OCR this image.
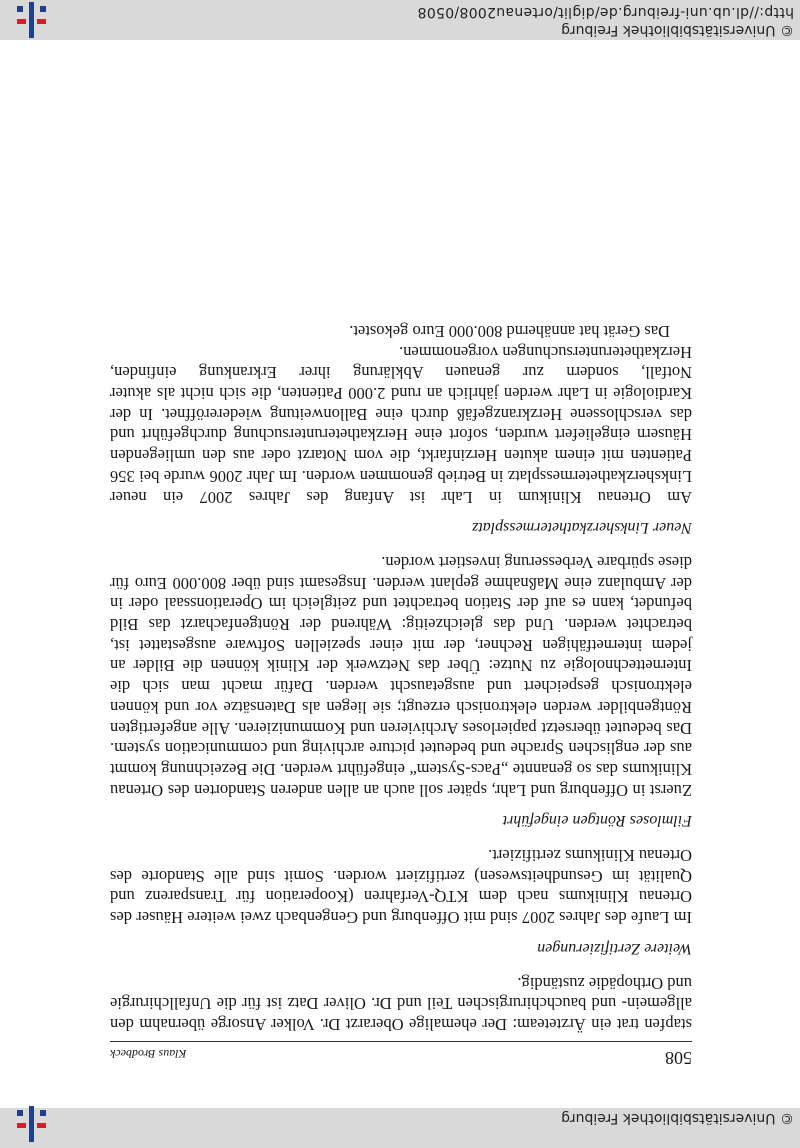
© Universitätsbibliothek Freiburg
508
Klaus Brodbeck

stapfen trat ein Ärzteteam: Der ehemalige Oberarzt Dr. Volker Ansorge übernahm den allgemein- und bauchchirurgischen Teil und Dr. Oliver Datz ist für die Unfallchirurgie und Orthopädie zuständig.

Weitere Zertifizierungen

Im Laufe des Jahres 2007 sind mit Offenburg und Gengenbach zwei weitere Häuser des Ortenau Klinikums nach dem KTQ-Verfahren (Kooperation für Transparenz und Qualität im Gesundheitswesen) zertifiziert worden. Somit sind alle Standorte des Ortenau Klinikums zertifiziert.

Filmloses Röntgen eingeführt

Zuerst in Offenburg und Lahr, später soll auch an allen anderen Standorten des Ortenau Klinikums das so genannte „Pacs-System“ eingeführt werden. Die Bezeichnung kommt aus der englischen Sprache und bedeutet picture archiving und communication system. Das bedeutet übersetzt papierloses Archivieren und Kommunizieren. Alle angefertigten Röntgenbilder werden elektronisch erzeugt; sie liegen als Datensätze vor und können elektronisch gespeichert und ausgetauscht werden. Dafür macht man sich die Internettechnologie zu Nutze: Über das Netzwerk der Klinik können die Bilder an jedem internetfähigen Rechner, der mit einer speziellen Software ausgestattet ist, betrachtet werden. Und das gleichzeitig: Während der Röntgenfacharzt das Bild befundet, kann es auf der Station betrachtet und zeitgleich im Operationssaal oder in der Ambulanz eine Maßnahme geplant werden. Insgesamt sind über 800.000 Euro für diese spürbare Verbesserung investiert worden.

Neuer Linksherzkathetermessplatz

Am Ortenau Klinikum in Lahr ist Anfang des Jahres 2007 ein neuer Linksherzkathetermessplatz in Betrieb genommen worden. Im Jahr 2006 wurde bei 356 Patienten mit einem akuten Herzinfarkt, die vom Notarzt oder aus den umliegenden Häusern eingeliefert wurden, sofort eine Herzkatheteruntersuchung durchgeführt und das verschlossene Herzkranzgefäß durch eine Ballonweitung wiedereröffnet. In der Kardiologie in Lahr werden jährlich an rund 2.000 Patienten, die sich nicht als akuter Notfall, sondern zur genauen Abklärung ihrer Erkrankung einfinden, Herzkatheteruntersuchungen vorgenommen.

Das Gerät hat annähernd 800.000 Euro gekostet.

© Universitätsbibliothek Freiburg
http://dl.ub.uni-freiburg.de/diglit/ortenau2008/0508
